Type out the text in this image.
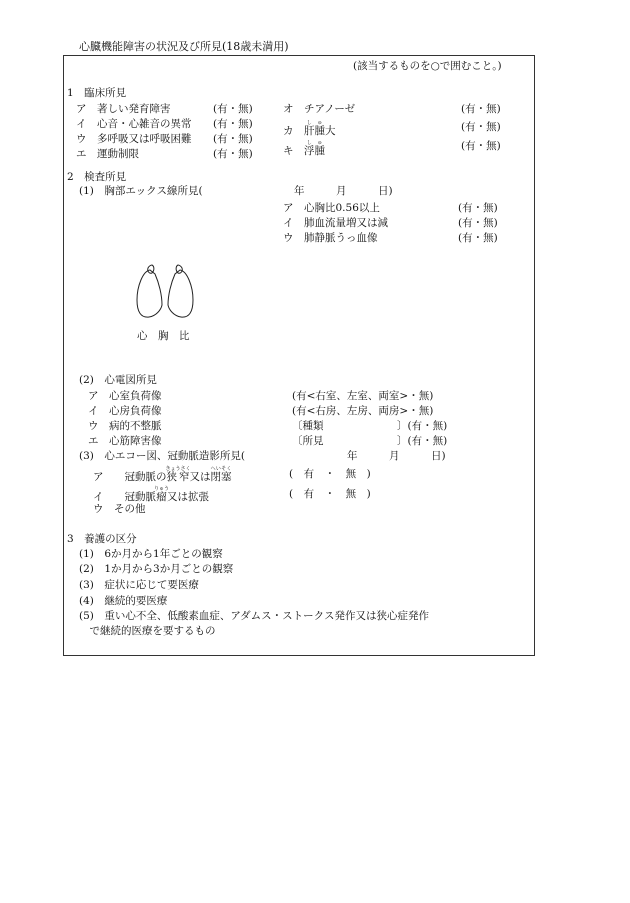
心臓機能障害の状況及び所見(18歳未満用)
(該当するものを○で囲むこと。)
1　臨床所見
ア　著しい発育障害	(有・無)
イ　心音・心雑音の異常 (有・無)
ウ　多呼吸又は呼吸困難 (有・無)
エ　運動制限	(有・無)
オ　チアノーゼ	(有・無)
カ　肝腫しゅ大	(有・無)
キ　浮腫しゅ	(有・無)
2　検査所見
(1)　胸部エックス線所見(	年　　　月　　　日)
ア　心胸比0.56以上	(有・無)
イ　肺血流量増又は減	(有・無)
ウ　肺静脈うっ血像	(有・無)
心　胸　比
(2)　心電図所見
ア　心室負荷像	(有<右室、左室、両室>・無)
イ　心房負荷像	(有<右房、左房、両房>・無)
ウ　病的不整脈	〔種類　　　　　　　〕(有・無)
エ　心筋障害像	〔所見　　　　　　　〕(有・無)
(3)　心エコー図、冠動脈造影所見(	年　　　月　　　日)
ア　　冠動脈の狭窄きょうさく又は閉塞へいそく	(　有　・　無　)
イ　　冠動脈瘤りゅう又は拡張	(　有　・　無　)
ウ　その他
3　養護の区分
(1)　6か月から1年ごとの観察
(2)　1か月から3か月ごとの観察
(3)　症状に応じて要医療
(4)　継続的要医療
(5)　重い心不全、低酸素血症、アダムス・ストークス発作又は狭心症発作
　で継続的医療を要するもの
